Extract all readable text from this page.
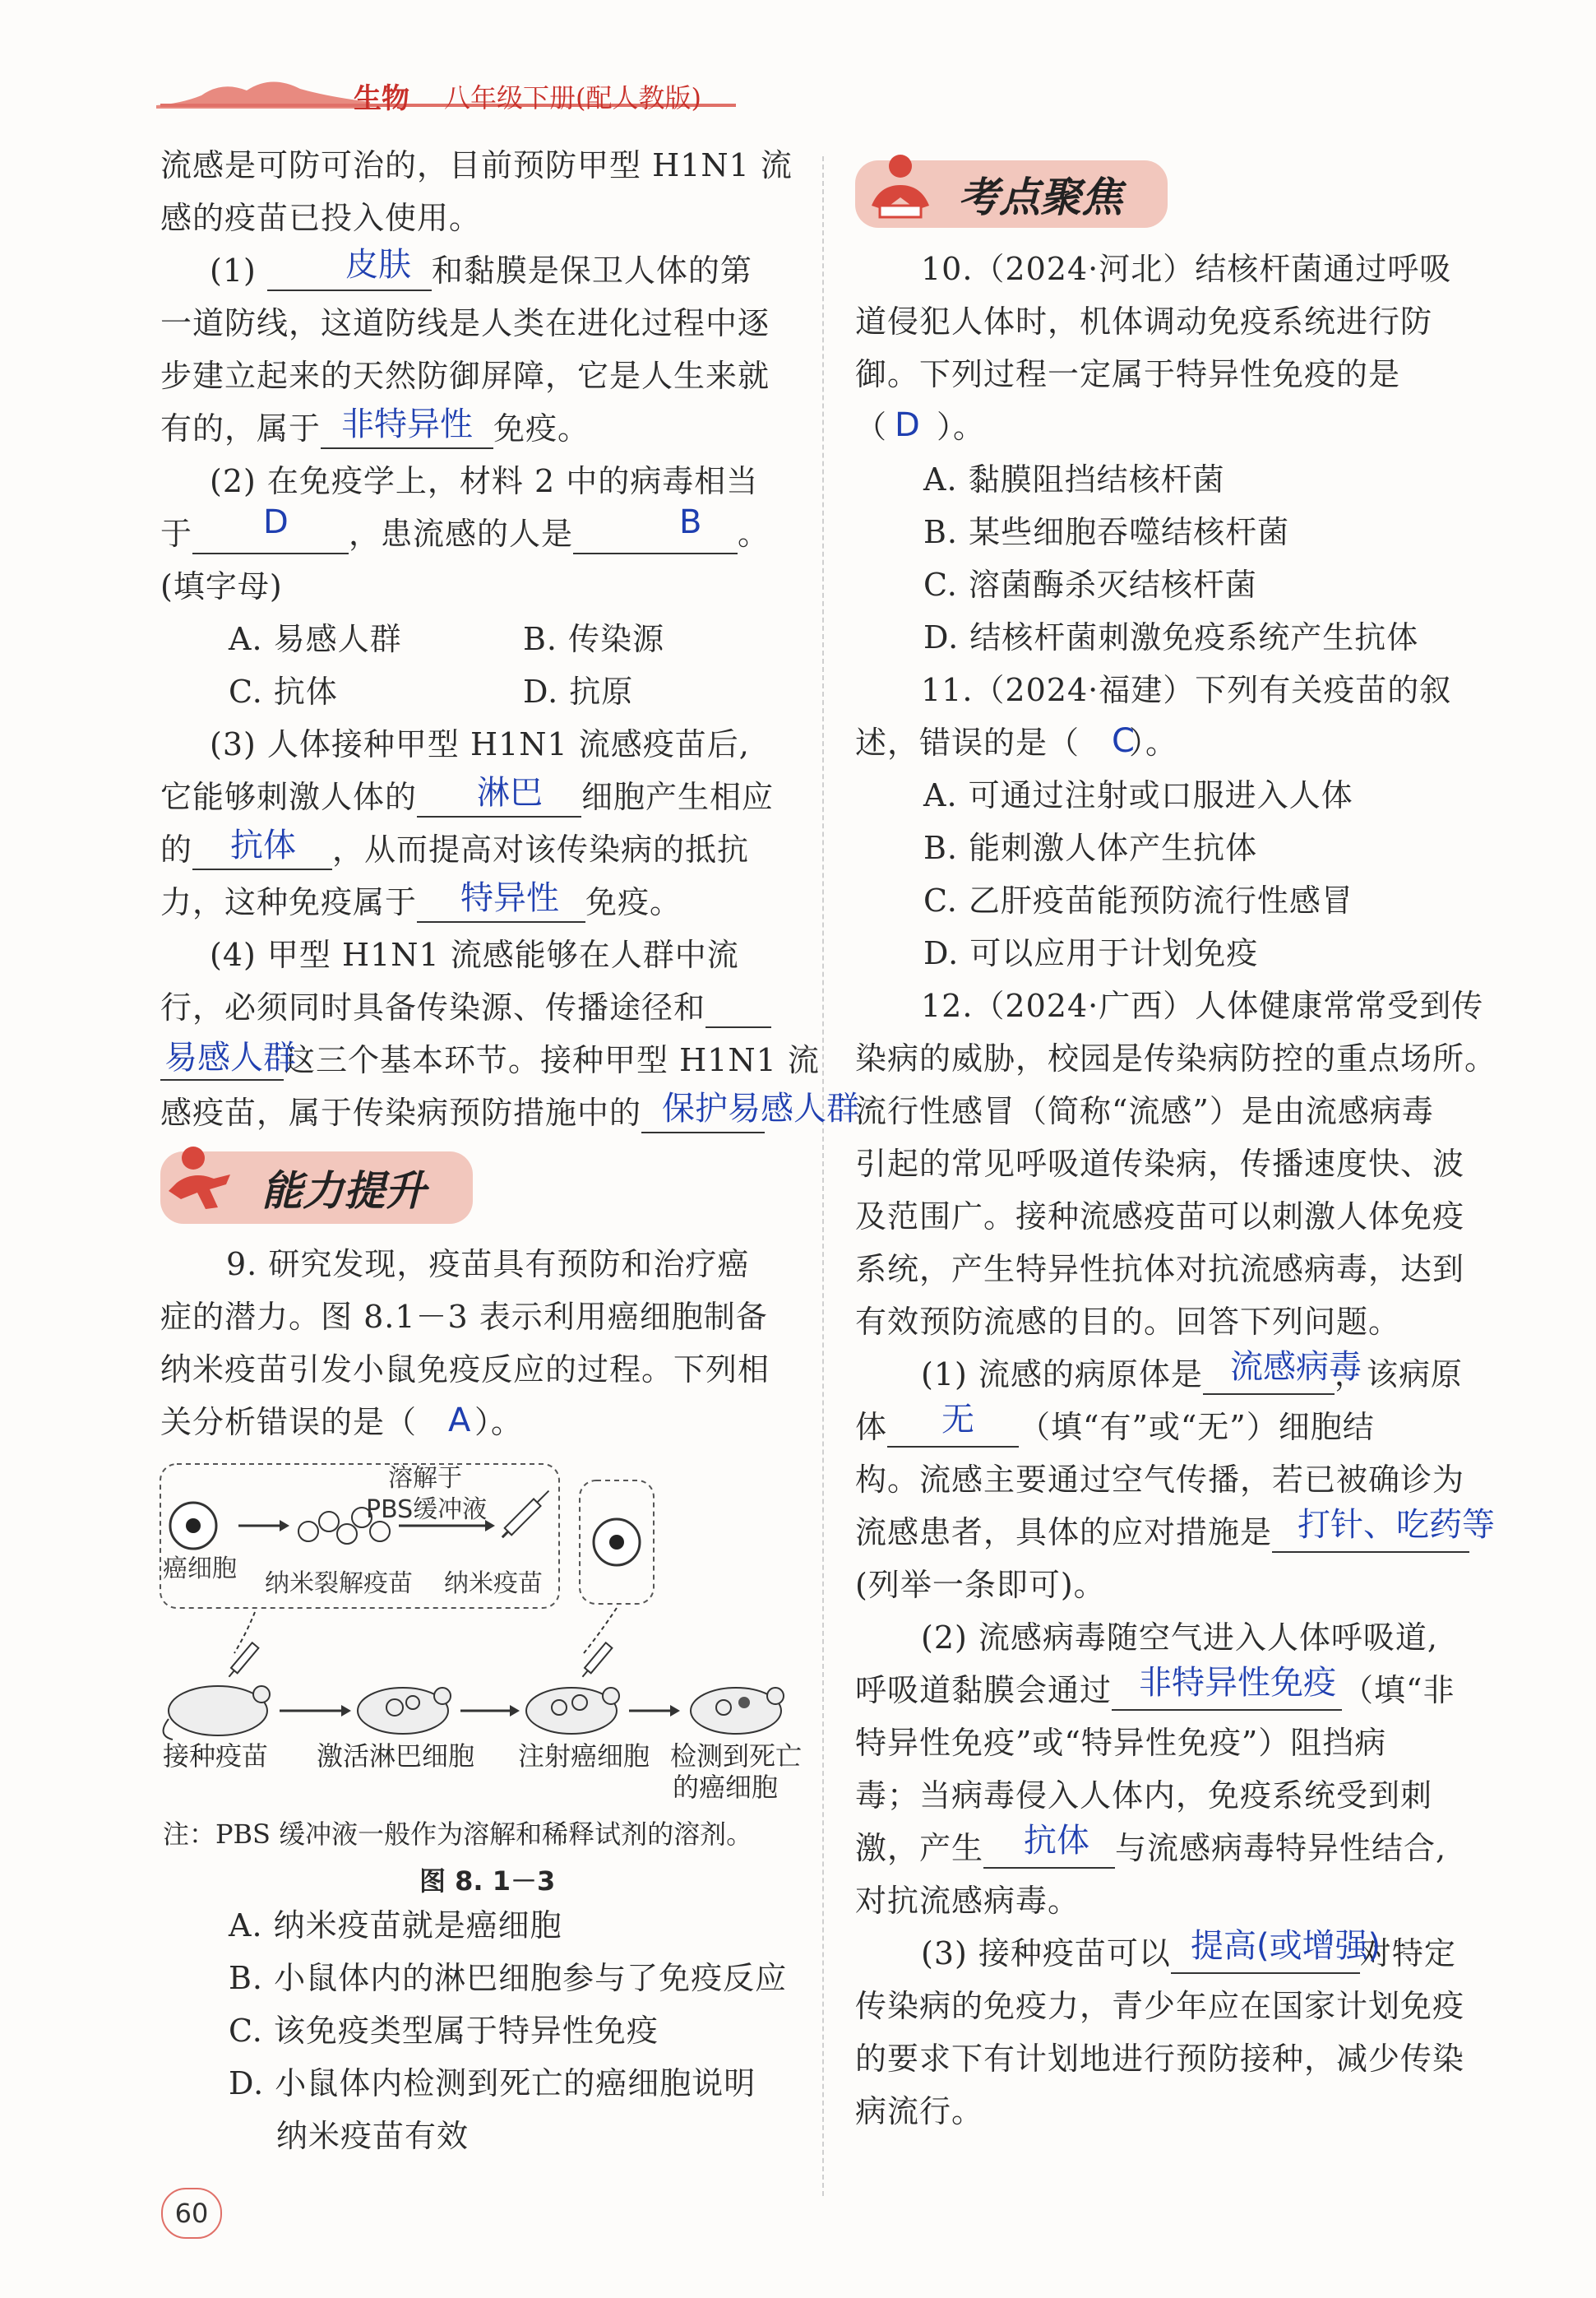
生物 八年级下册(配人教版)
流感是可防可治的，目前预防甲型 H1N1 流
感的疫苗已投入使用。
(1)	和黏膜是保卫人体的第
皮肤
一道防线，这道防线是人类在进化过程中逐
步建立起来的天然防御屏障，它是人生来就
有的，属于	免疫。
非特异性
(2) 在免疫学上，材料 2 中的病毒相当
于	，患流感的人是	。
D	B
(填字母)
A. 易感人群	B. 传染源
C. 抗体	D. 抗原
(3) 人体接种甲型 H1N1 流感疫苗后,
它能够刺激人体的	细胞产生相应
淋巴
的	，从而提高对该传染病的抵抗
抗体
力，这种免疫属于	免疫。
特异性
(4) 甲型 H1N1 流感能够在人群中流
行，必须同时具备传染源、传播途径和
这三个基本环节。接种甲型 H1N1 流
易感人群
感疫苗，属于传染病预防措施中的 保护易感人群
能力提升
9. 研究发现，疫苗具有预防和治疗癌
症的潜力。图 8.1－3 表示利用癌细胞制备
纳米疫苗引发小鼠免疫反应的过程。下列相
关分析错误的是（ ）。
A
溶解于
PBS缓冲液
癌细胞
纳米裂解疫苗 纳米疫苗
接种疫苗 激活淋巴细胞 注射癌细胞 检测到死亡
的癌细胞
注：PBS 缓冲液一般作为溶解和稀释试剂的溶剂。
图 8. 1－3
A. 纳米疫苗就是癌细胞
B. 小鼠体内的淋巴细胞参与了免疫反应
C. 该免疫类型属于特异性免疫
D. 小鼠体内检测到死亡的癌细胞说明
纳米疫苗有效
60
考点聚焦
10.（2024·河北）结核杆菌通过呼吸
道侵犯人体时，机体调动免疫系统进行防
御。下列过程一定属于特异性免疫的是
（ ）。
D
A. 黏膜阻挡结核杆菌
B. 某些细胞吞噬结核杆菌
C. 溶菌酶杀灭结核杆菌
D. 结核杆菌刺激免疫系统产生抗体
11.（2024·福建）下列有关疫苗的叙
述，错误的是（ ）。
C
A. 可通过注射或口服进入人体
B. 能刺激人体产生抗体
C. 乙肝疫苗能预防流行性感冒
D. 可以应用于计划免疫
12.（2024·广西）人体健康常常受到传
染病的威胁，校园是传染病防控的重点场所。
流行性感冒（简称“流感”）是由流感病毒
引起的常见呼吸道传染病，传播速度快、波
及范围广。接种流感疫苗可以刺激人体免疫
系统，产生特异性抗体对抗流感病毒，达到
有效预防流感的目的。回答下列问题。
(1) 流感的病原体是	，该病原
流感病毒
体	（填“有”或“无”）细胞结
无
构。流感主要通过空气传播，若已被确诊为
流感患者，具体的应对措施是 打针、吃药等
(列举一条即可)。
(2) 流感病毒随空气进入人体呼吸道,
呼吸道黏膜会通过	（填“非
非特异性免疫
特异性免疫”或“特异性免疫”）阻挡病
毒；当病毒侵入人体内，免疫系统受到刺
激，产生	与流感病毒特异性结合,
抗体
对抗流感病毒。
(3) 接种疫苗可以	对特定
提高(或增强)
传染病的免疫力，青少年应在国家计划免疫
的要求下有计划地进行预防接种，减少传染
病流行。
